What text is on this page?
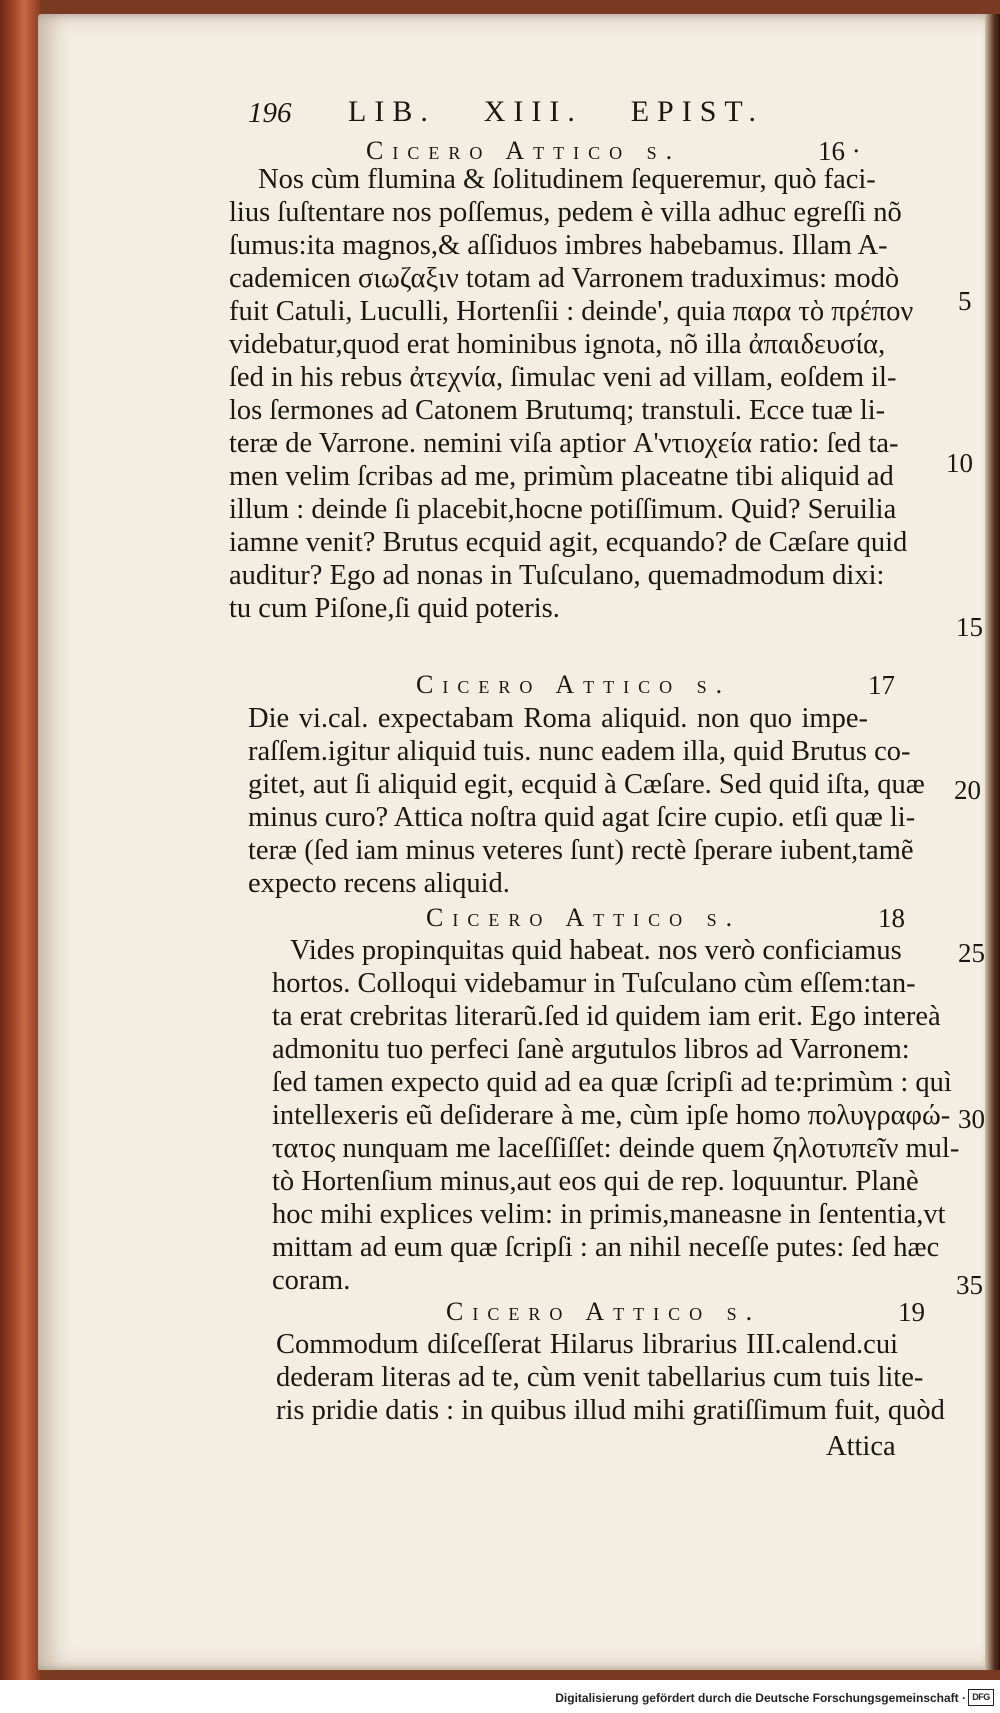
196 LIB. XIII. EPIST.
Cicero Attico s.	16 ·
Nos cùm flumina & ſolitudinem ſequeremur, quò faci-
lius ſuſtentare nos poſſemus, pedem è villa adhuc egreſſi nõ
ſumus:ita magnos,& aſſiduos imbres habebamus. Illam A-
cademicen σιωζαξιν totam ad Varronem traduximus: modò
fuit Catuli, Luculli, Hortenſii : deinde', quia παρα τὸ πρέπον
videbatur,quod erat hominibus ignota, nõ illa ἀπαιδευσία,
ſed in his rebus ἀτεχνία, ſimulac veni ad villam, eoſdem il-
los ſermones ad Catonem Brutumq; transtuli. Ecce tuæ li-
teræ de Varrone. nemini viſa aptior Α'ντιοχεία ratio: ſed ta-
men velim ſcribas ad me, primùm placeatne tibi aliquid ad
illum : deinde ſi placebit,hocne potiſſimum. Quid? Seruilia
iamne venit? Brutus ecquid agit, ecquando? de Cæſare quid
auditur? Ego ad nonas in Tuſculano, quemadmodum dixi:
tu cum Piſone,ſi quid poteris.
Cicero Attico s.	17
Die vi.cal. expectabam Roma aliquid. non quo impe-
raſſem.igitur aliquid tuis. nunc eadem illa, quid Brutus co-
gitet, aut ſi aliquid egit, ecquid à Cæſare. Sed quid iſta, quæ
minus curo? Attica noſtra quid agat ſcire cupio. etſi quæ li-
teræ (ſed iam minus veteres ſunt) rectè ſperare iubent,tamẽ
expecto recens aliquid.
Cicero Attico s.	18
Vides propinquitas quid habeat. nos verò conficiamus
hortos. Colloqui videbamur in Tuſculano cùm eſſem:tan-
ta erat crebritas literarũ.ſed id quidem iam erit. Ego intereà
admonitu tuo perfeci ſanè argutulos libros ad Varronem:
ſed tamen expecto quid ad ea quæ ſcripſi ad te:primùm : quì
intellexeris eũ deſiderare à me, cùm ipſe homo πολυγραφώ-
τατος nunquam me laceſſiſſet: deinde quem ζηλοτυπεῖν mul-
tò Hortenſium minus,aut eos qui de rep. loquuntur. Planè
hoc mihi explices velim: in primis,maneasne in ſententia,vt
mittam ad eum quæ ſcripſi : an nihil neceſſe putes: ſed hæc
coram.
Cicero Attico s.	19
Commodum diſceſſerat Hilarus librarius III.calend.cui
dederam literas ad te, cùm venit tabellarius cum tuis lite-
ris pridie datis : in quibus illud mihi gratiſſimum fuit, quòd
Attica
5
10
15
20
25
30
35
Digitalisierung gefördert durch die Deutsche Forschungsgemeinschaft · DFG
